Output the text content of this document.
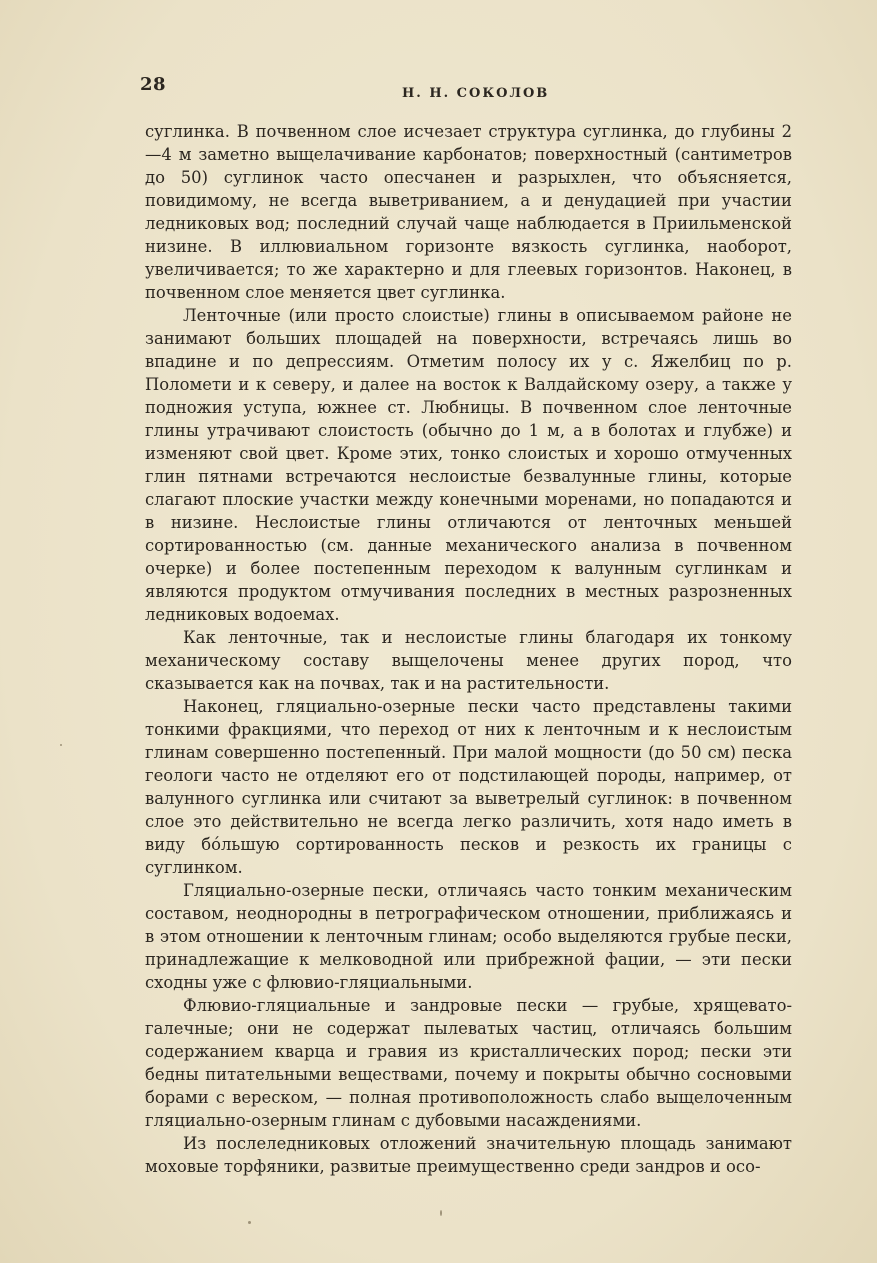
28	Н. Н. СОКОЛОВ

суглинка. В почвенном слое исчезает структура суглинка, до глубины 2—4 м заметно выщелачивание карбонатов; поверхностный (сантиметров до 50) суглинок часто опесчанен и разрыхлен, что объясняется, повидимому, не всегда выветриванием, а и денудацией при участии ледниковых вод; последний случай чаще наблюдается в Приильменской низине. В иллювиальном горизонте вязкость суглинка, наоборот, увеличивается; то же характерно и для глеевых горизонтов. Наконец, в почвенном слое меняется цвет суглинка.

Ленточные (или просто слоистые) глины в описываемом районе не занимают больших площадей на поверхности, встречаясь лишь во впадине и по депрессиям. Отметим полосу их у с. Яжелбиц по р. Поломети и к северу, и далее на восток к Валдайскому озеру, а также у подножия уступа, южнее ст. Любницы. В почвенном слое ленточные глины утрачивают слоистость (обычно до 1 м, а в болотах и глубже) и изменяют свой цвет. Кроме этих, тонко слоистых и хорошо отмученных глин пятнами встречаются неслоистые безвалунные глины, которые слагают плоские участки между конечными моренами, но попадаются и в низине. Неслоистые глины отличаются от ленточных меньшей сортированностью (см. данные механического анализа в почвенном очерке) и более постепенным переходом к валунным суглинкам и являются продуктом отмучивания последних в местных разрозненных ледниковых водоемах.

Как ленточные, так и неслоистые глины благодаря их тонкому механическому составу выщелочены менее других пород, что сказывается как на почвах, так и на растительности.

Наконец, гляциально-озерные пески часто представлены такими тонкими фракциями, что переход от них к ленточным и к неслоистым глинам совершенно постепенный. При малой мощности (до 50 см) песка геологи часто не отделяют его от подстилающей породы, например, от валунного суглинка или считают за выветрелый суглинок: в почвенном слое это действительно не всегда легко различить, хотя надо иметь в виду бóльшую сортированность песков и резкость их границы с суглинком.

Гляциально-озерные пески, отличаясь часто тонким механическим составом, неоднородны в петрографическом отношении, приближаясь и в этом отношении к ленточным глинам; особо выделяются грубые пески, принадлежащие к мелководной или прибрежной фации, — эти пески сходны уже с флювио-гляциальными.

Флювио-гляциальные и зандровые пески — грубые, хрящевато-галечные; они не содержат пылеватых частиц, отличаясь большим содержанием кварца и гравия из кристаллических пород; пески эти бедны питательными веществами, почему и покрыты обычно сосновыми борами с вереском, — полная противоположность слабо выщелоченным гляциально-озерным глинам с дубовыми насаждениями.

Из послеледниковых отложений значительную площадь занимают моховые торфяники, развитые преимущественно среди зандров и осо-
